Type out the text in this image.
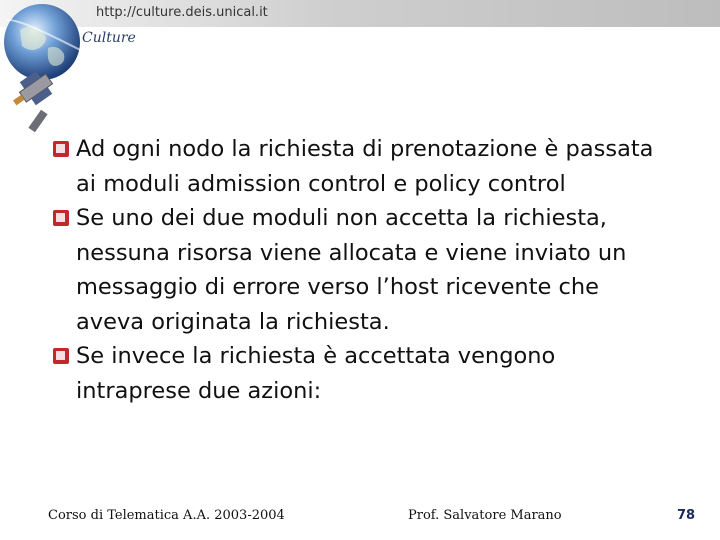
http://culture.deis.unical.it
Culture
Ad ogni nodo la richiesta di prenotazione è passata ai moduli admission control e policy control
Se uno dei due moduli non accetta la richiesta, nessuna risorsa viene allocata e viene inviato un messaggio di errore verso l’host ricevente che aveva originata la richiesta.
Se invece la richiesta è accettata vengono intraprese due azioni:
Corso di Telematica A.A. 2003-2004	Prof. Salvatore Marano	78
